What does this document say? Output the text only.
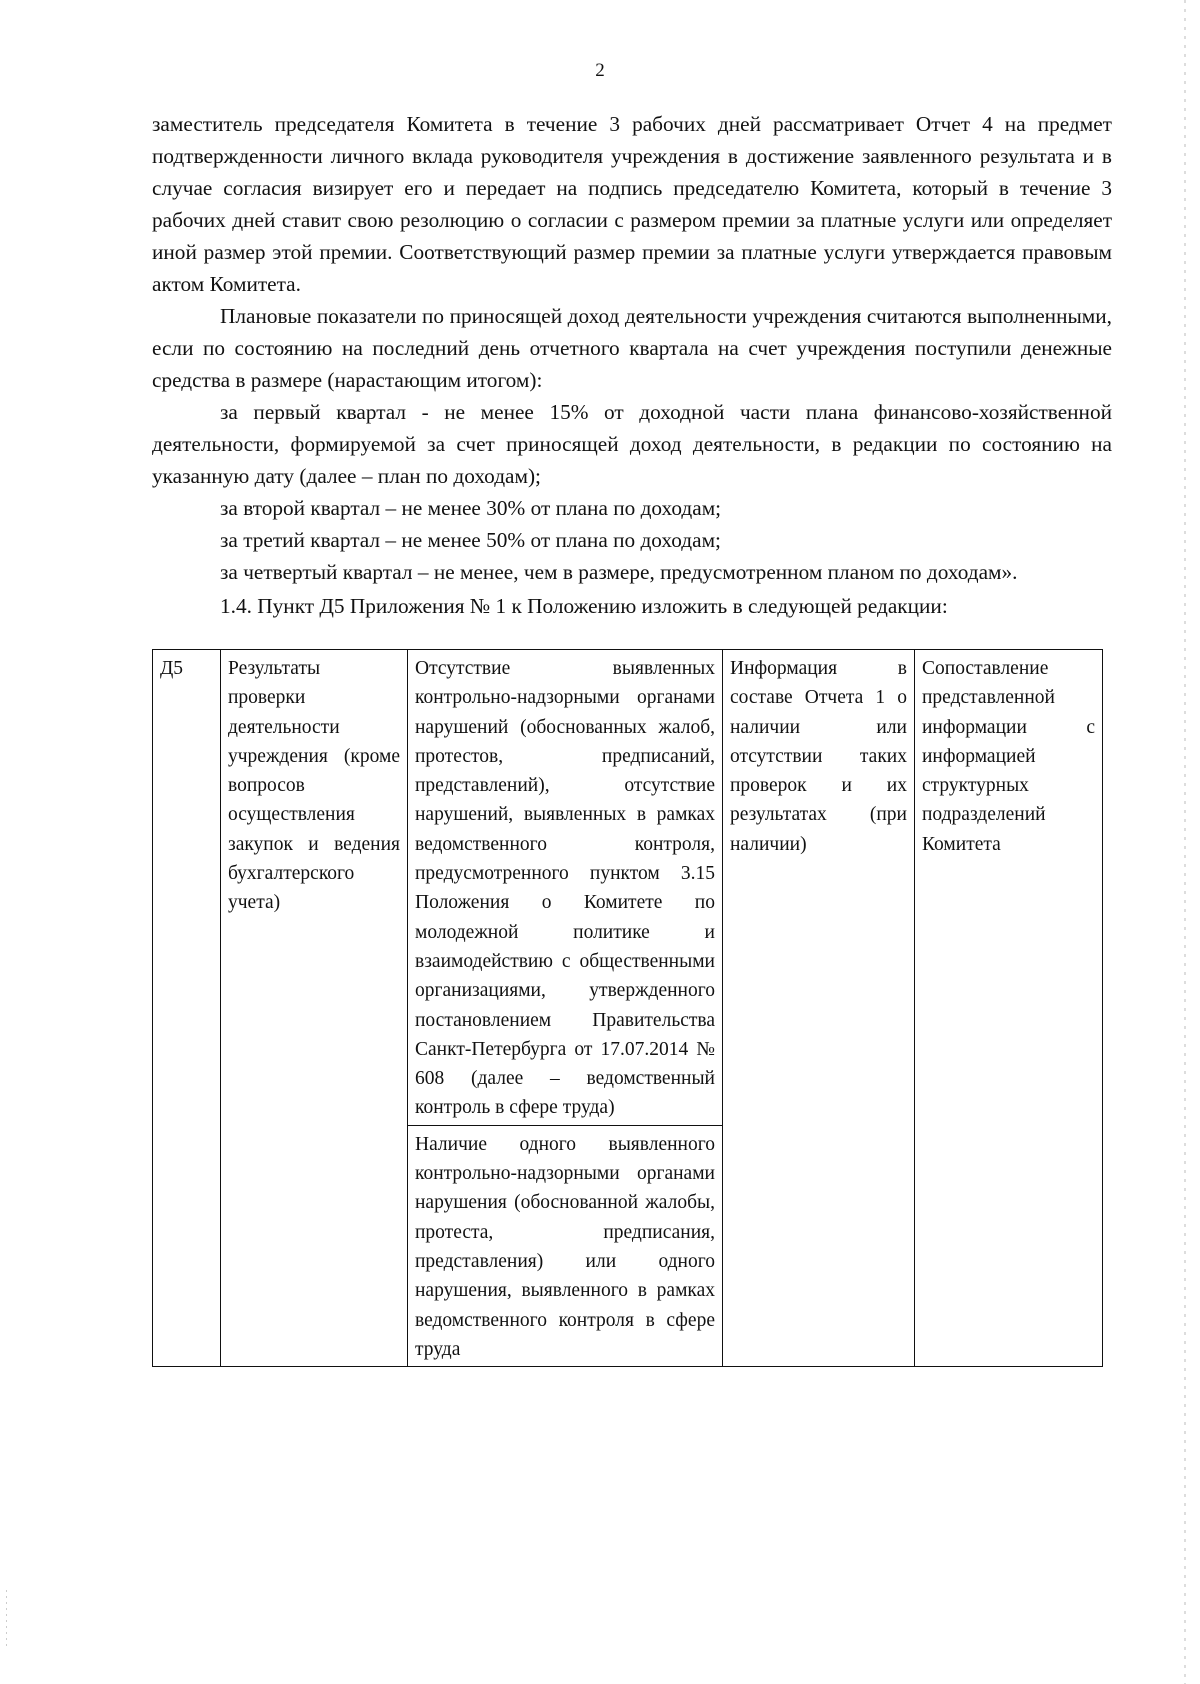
2

заместитель председателя Комитета в течение 3 рабочих дней рассматривает Отчет 4 на предмет подтвержденности личного вклада руководителя учреждения в достижение заявленного результата и в случае согласия визирует его и передает на подпись председателю Комитета, который в течение 3 рабочих дней ставит свою резолюцию о согласии с размером премии за платные услуги или определяет иной размер этой премии. Соответствующий размер премии за платные услуги утверждается правовым актом Комитета.

Плановые показатели по приносящей доход деятельности учреждения считаются выполненными, если по состоянию на последний день отчетного квартала на счет учреждения поступили денежные средства в размере (нарастающим итогом):

за первый квартал - не менее 15% от доходной части плана финансово-хозяйственной деятельности, формируемой за счет приносящей доход деятельности, в редакции по состоянию на указанную дату (далее – план по доходам);

за второй квартал – не менее 30% от плана по доходам;

за третий квартал – не менее 50% от плана по доходам;

за четвертый квартал – не менее, чем в размере, предусмотренном планом по доходам».

1.4. Пункт Д5 Приложения № 1 к Положению изложить в следующей редакции:

Д5	Результаты проверки деятельности учреждения (кроме вопросов осуществления закупок и ведения бухгалтерского учета)	Отсутствие выявленных контрольно-надзорными органами нарушений (обоснованных жалоб, протестов, предписаний, представлений), отсутствие нарушений, выявленных в рамках ведомственного контроля, предусмотренного пунктом 3.15 Положения о Комитете по молодежной политике и взаимодействию с общественными организациями, утвержденного постановлением Правительства Санкт-Петербурга от 17.07.2014 № 608 (далее – ведомственный контроль в сфере труда)	Информация в составе Отчета 1 о наличии или отсутствии таких проверок и их результатах (при наличии)	Сопоставление представленной информации с информацией структурных подразделений Комитета
Наличие одного выявленного контрольно-надзорными органами нарушения (обоснованной жалобы, протеста, предписания, представления) или одного нарушения, выявленного в рамках ведомственного контроля в сфере труда
